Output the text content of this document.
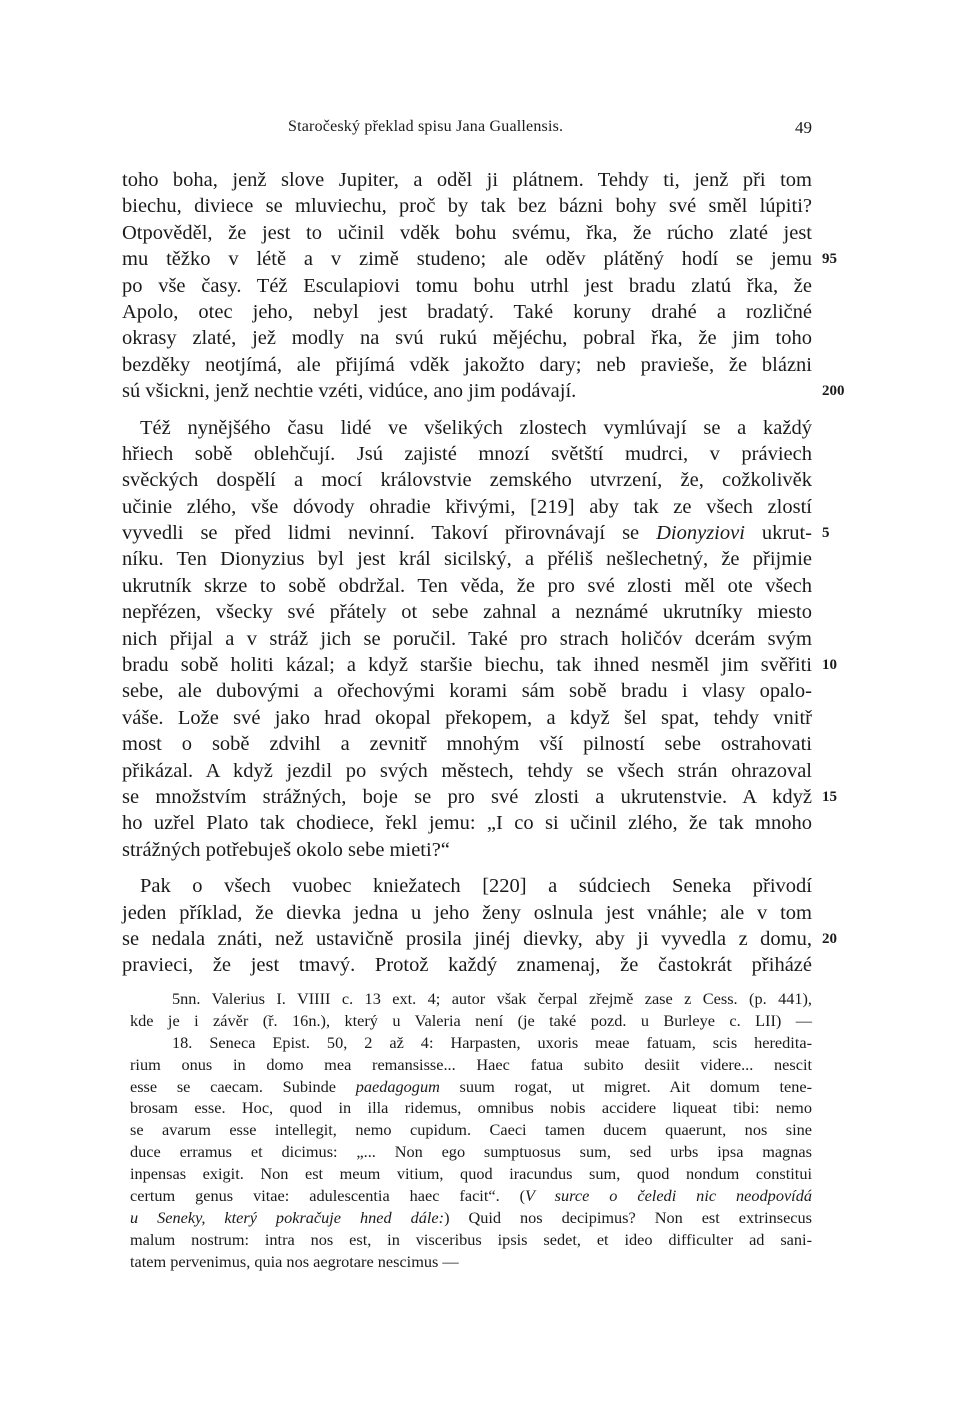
Staročeský překlad spisu Jana Guallensis.	49
toho boha, jenž slove Jupiter, a oděl ji plátnem. Tehdy ti, jenž při tom
biechu, diviece se mluviechu, proč by tak bez bázni bohy své směl lúpiti?
Otpověděl, že jest to učinil vděk bohu svému, řka, že rúcho zlaté jest
mu těžko v létě a v zimě studeno; ale oděv plátěný hodí se jemu 95
po vše časy. Též Esculapiovi tomu bohu utrhl jest bradu zlatú řka, že
Apolo, otec jeho, nebyl jest bradatý. Také koruny drahé a rozličné
okrasy zlaté, jež modly na svú rukú mějéchu, pobral řka, že jim toho
bezděky neotjímá, ale přijímá vděk jakožto dary; neb praviеše, že blázni
sú všickni, jenž nechtie vzéti, vidúce, ano jim podávají.	200
Též nynějšého času lidé ve všelikých zlostech vymlúvají se a každý
hřiech sobě oblehčují. Jsú zajisté mnozí světští mudrci, v práviech
svěckých dospělí a mocí královstvie zemského utvrzení, že, cožkolivěk
učinie zlého, vše dóvody ohradie křivými, [219] aby tak ze všech zlostí
vyvedli se před lidmi nevinní. Takoví přirovnávají se Dionyziovi ukrut- 5
níku. Ten Dionyzius byl jest král sicilský, a přéliš nešlechetný, že přijmie
ukrutník skrze to sobě obdržal. Ten věda, že pro své zlosti měl ote všech
nepřézen, všecky své přátely ot sebe zahnal a neznámé ukrutníky miesto
nich přijal a v stráž jich se poručil. Také pro strach holičóv dcerám svým
bradu sobě holiti kázal; a když staršie biechu, tak ihned nesměl jim svěřiti 10
sebe, ale dubovými a ořechovými korami sám sobě bradu i vlasy opalo-
váše. Lože své jako hrad okopal překopem, a když šel spat, tehdy vnitř
most o sobě zdvihl a zevnitř mnohým vší pilností sebe ostrahovati
přikázal. A když jezdil po svých městech, tehdy se všech strán ohrazoval
se množstvím strážných, boje se pro své zlosti a ukrutenstvie. A když 15
ho uzřel Plato tak chodiece, řekl jemu: „I co si učinil zlého, že tak mnoho
strážných potřebuješ okolo sebe mieti?“
Pak o všech vuobec kniežatech [220] a súdciech Seneka přivodí
jeden příklad, že dievka jedna u jeho ženy oslnula jest vnáhle; ale v tom
se nedala znáti, než ustavičně prosila jinéj dievky, aby ji vyvedla z domu, 20
pravieci, že jest tmavý. Protož každý znamenaj, že častokrát přiházé
5nn. Valerius I. VIIII c. 13 ext. 4; autor však čerpal zřejmě zase z Cess. (p. 441),
kde je i závěr (ř. 16n.), který u Valeria není (je také pozd. u Burleye c. LII) —
18. Seneca Epist. 50, 2 až 4: Harpasten, uxoris meae fatuam, scis heredita-
rium onus in domo mea remansisse... Haec fatua subito desiit videre... nescit
esse se caecam. Subinde paedagogum suum rogat, ut migret. Ait domum tene-
brosam esse. Hoc, quod in illa ridemus, omnibus nobis accidere liqueat tibi: nemo
se avarum esse intellegit, nemo cupidum. Caeci tamen ducem quaerunt, nos sine
duce erramus et dicimus: „... Non ego sumptuosus sum, sed urbs ipsa magnas
inpensas exigit. Non est meum vitium, quod iracundus sum, quod nondum constitui
certum genus vitae: adulescentia haec facit“. (V surce o čeledi nic neodpovídá
u Seneky, který pokračuje hned dále:) Quid nos decipimus? Non est extrinsecus
malum nostrum: intra nos est, in visceribus ipsis sedet, et ideo difficulter ad sani-
tatem pervenimus, quia nos aegrotare nescimus —
